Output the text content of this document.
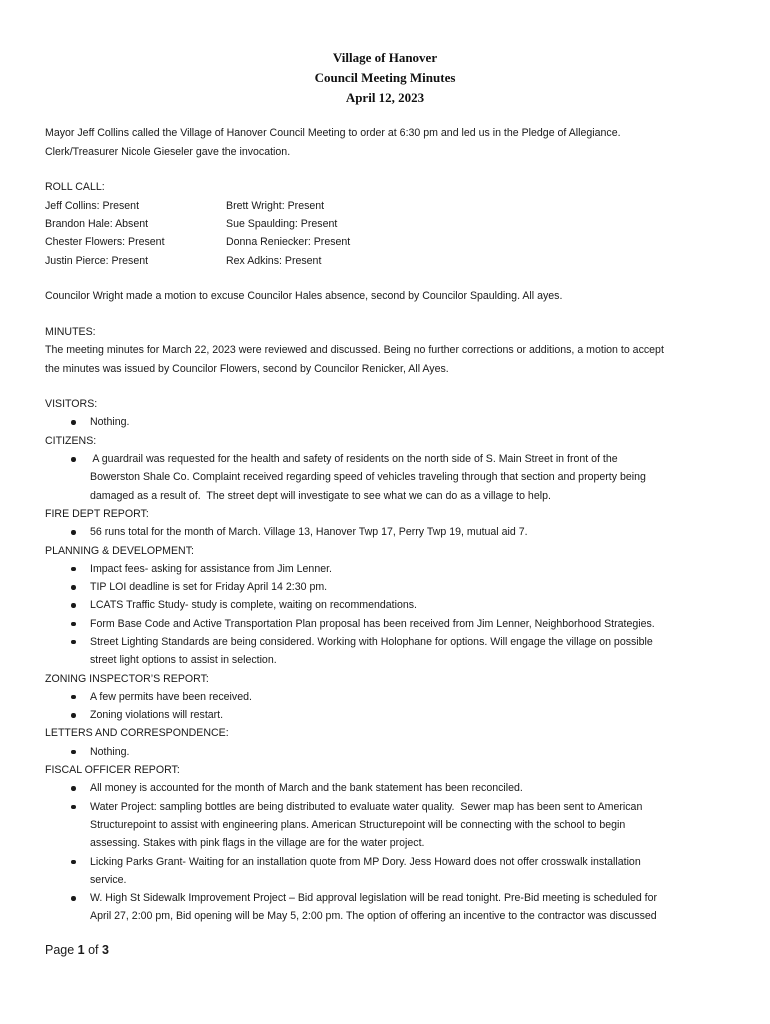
Village of Hanover
Council Meeting Minutes
April 12, 2023

Mayor Jeff Collins called the Village of Hanover Council Meeting to order at 6:30 pm and led us in the Pledge of Allegiance.

Clerk/Treasurer Nicole Gieseler gave the invocation.

ROLL CALL:

Jeff Collins: Present

Brandon Hale: Absent

Chester Flowers: Present

Justin Pierce: Present

Brett Wright: Present

Sue Spaulding: Present

Donna Reniecker: Present

Rex Adkins: Present

Councilor Wright made a motion to excuse Councilor Hales absence, second by Councilor Spaulding. All ayes.

MINUTES:

The meeting minutes for March 22, 2023 were reviewed and discussed. Being no further corrections or additions, a motion to accept

the minutes was issued by Councilor Flowers, second by Councilor Renicker, All Ayes.

VISITORS:
Nothing.
CITIZENS:
A guardrail was requested for the health and safety of residents on the north side of S. Main Street in front of the
Bowerston Shale Co. Complaint received regarding speed of vehicles traveling through that section and property being
damaged as a result of.  The street dept will investigate to see what we can do as a village to help.
FIRE DEPT REPORT:
56 runs total for the month of March. Village 13, Hanover Twp 17, Perry Twp 19, mutual aid 7.
PLANNING & DEVELOPMENT:
Impact fees- asking for assistance from Jim Lenner.
TIP LOI deadline is set for Friday April 14 2:30 pm.
LCATS Traffic Study- study is complete, waiting on recommendations.
Form Base Code and Active Transportation Plan proposal has been received from Jim Lenner, Neighborhood Strategies.
Street Lighting Standards are being considered. Working with Holophane for options. Will engage the village on possible
street light options to assist in selection.
ZONING INSPECTOR’S REPORT:
A few permits have been received.
Zoning violations will restart.
LETTERS AND CORRESPONDENCE:
Nothing.
FISCAL OFFICER REPORT:
All money is accounted for the month of March and the bank statement has been reconciled.
Water Project: sampling bottles are being distributed to evaluate water quality.  Sewer map has been sent to American
Structurepoint to assist with engineering plans. American Structurepoint will be connecting with the school to begin
assessing. Stakes with pink flags in the village are for the water project.
Licking Parks Grant- Waiting for an installation quote from MP Dory. Jess Howard does not offer crosswalk installation
service.
W. High St Sidewalk Improvement Project – Bid approval legislation will be read tonight. Pre-Bid meeting is scheduled for
April 27, 2:00 pm, Bid opening will be May 5, 2:00 pm. The option of offering an incentive to the contractor was discussed
Page 1 of 3
